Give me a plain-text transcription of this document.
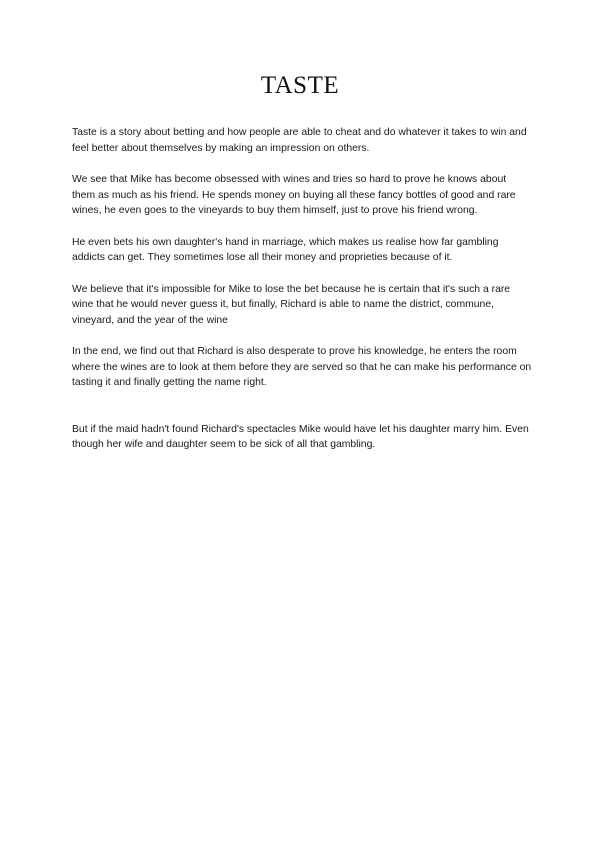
TASTE

Taste is a story about betting and how people are able to cheat and do whatever it takes to win and feel better about themselves by making an impression on others.

We see that Mike has become obsessed with wines and tries so hard to prove he knows about them as much as his friend. He spends money on buying all these fancy bottles of good and rare wines, he even goes to the vineyards to buy them himself, just to prove his friend wrong.

He even bets his own daughter's hand in marriage, which makes us realise how far gambling addicts can get. They sometimes lose all their money and proprieties because of it.

We believe that it's impossible for Mike to lose the bet because he is certain that it's such a rare wine that he would never guess it, but finally, Richard is able to name the district, commune, vineyard, and the year of the wine

In the end, we find out that Richard is also desperate to prove his knowledge, he enters the room where the wines are to look at them before they are served so that he can make his performance on tasting it and finally getting the name right.

But if the maid hadn't found Richard's spectacles Mike would have let his daughter marry him. Even though her wife and daughter seem to be sick of all that gambling.
